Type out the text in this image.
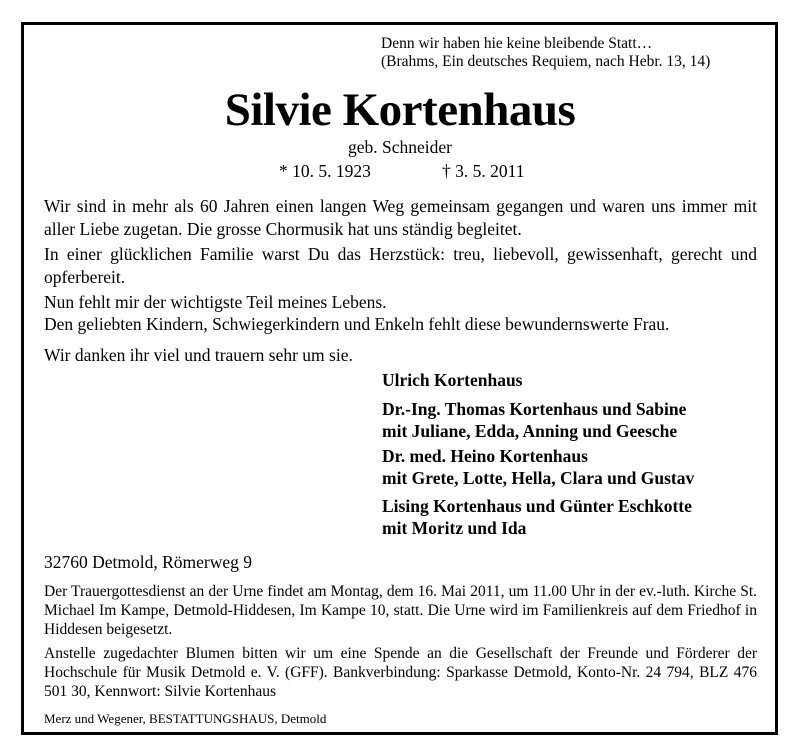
Denn wir haben hie keine bleibende Statt…

(Brahms, Ein deutsches Requiem, nach Hebr. 13, 14)

Silvie Kortenhaus

geb. Schneider

* 10. 5. 1923	† 3. 5. 2011

Wir sind in mehr als 60 Jahren einen langen Weg gemeinsam gegangen und waren uns immer mit aller Liebe zugetan. Die grosse Chormusik hat uns ständig begleitet.

In einer glücklichen Familie warst Du das Herzstück: treu, liebevoll, gewissenhaft, gerecht und opferbereit.

Nun fehlt mir der wichtigste Teil meines Lebens.

Den geliebten Kindern, Schwiegerkindern und Enkeln fehlt diese bewundernswerte Frau.

Wir danken ihr viel und trauern sehr um sie.

Ulrich Kortenhaus

Dr.-Ing. Thomas Kortenhaus und Sabine

mit Juliane, Edda, Anning und Geesche

Dr. med. Heino Kortenhaus

mit Grete, Lotte, Hella, Clara und Gustav

Lising Kortenhaus und Günter Eschkotte

mit Moritz und Ida

32760 Detmold, Römerweg 9

Der Trauergottesdienst an der Urne findet am Montag, dem 16. Mai 2011, um 11.00 Uhr in der ev.-luth. Kirche St. Michael Im Kampe, Detmold-Hiddesen, Im Kampe 10, statt. Die Urne wird im Familienkreis auf dem Friedhof in Hiddesen beigesetzt.

Anstelle zugedachter Blumen bitten wir um eine Spende an die Gesellschaft der Freunde und Förderer der Hochschule für Musik Detmold e. V. (GFF). Bankverbindung: Sparkasse Detmold, Konto-Nr. 24 794, BLZ 476 501 30, Kennwort: Silvie Kortenhaus

Merz und Wegener, BESTATTUNGSHAUS, Detmold
